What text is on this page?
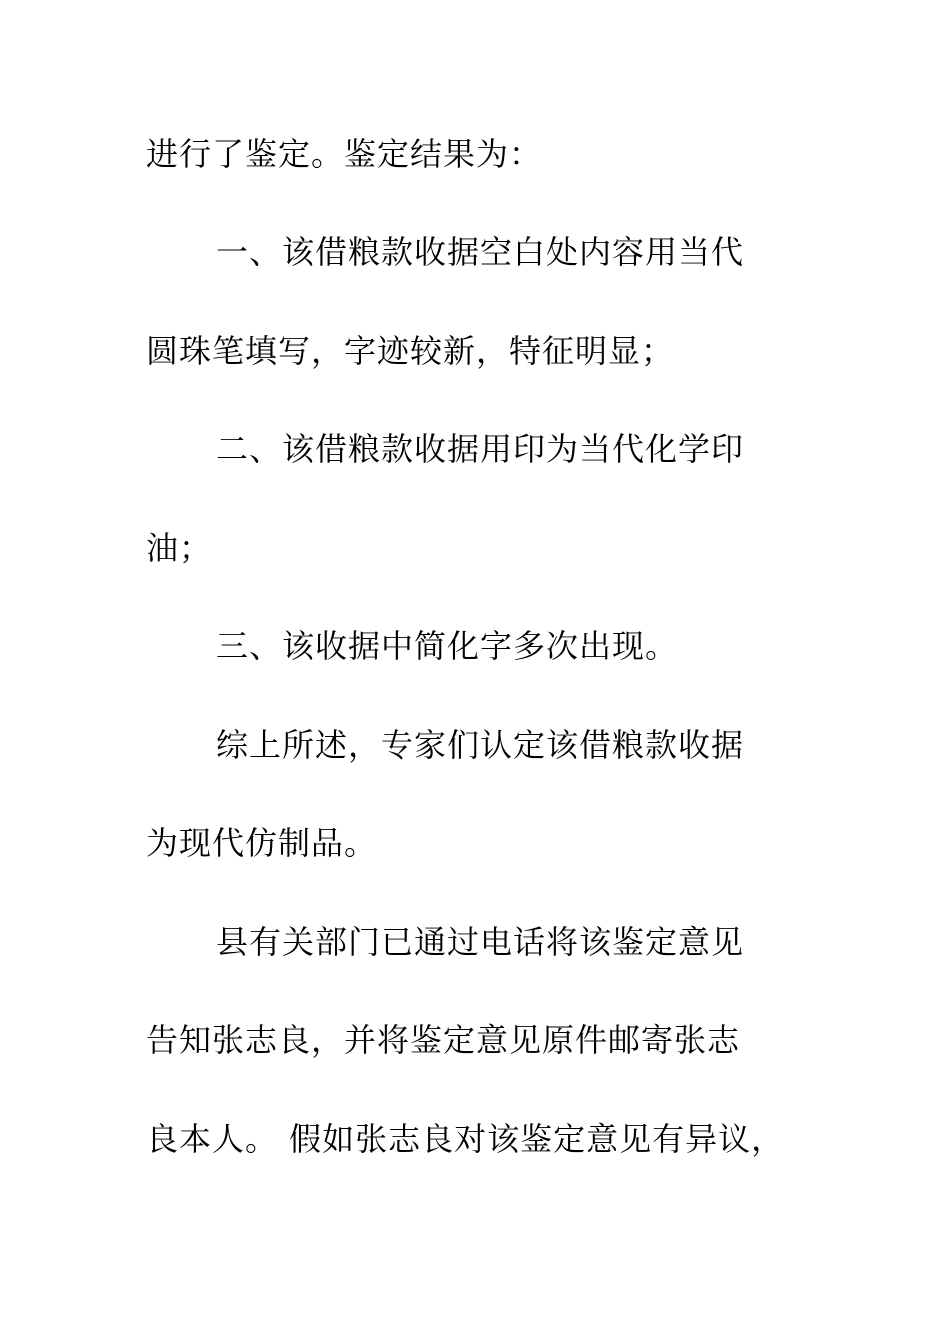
进行了鉴定。鉴定结果为：
一、该借粮款收据空白处内容用当代
圆珠笔填写，字迹较新，特征明显；
二、该借粮款收据用印为当代化学印
油；
三、该收据中简化字多次出现。
综上所述，专家们认定该借粮款收据
为现代仿制品。
县有关部门已通过电话将该鉴定意见
告知张志良，并将鉴定意见原件邮寄张志
良本人。 假如张志良对该鉴定意见有异议，
